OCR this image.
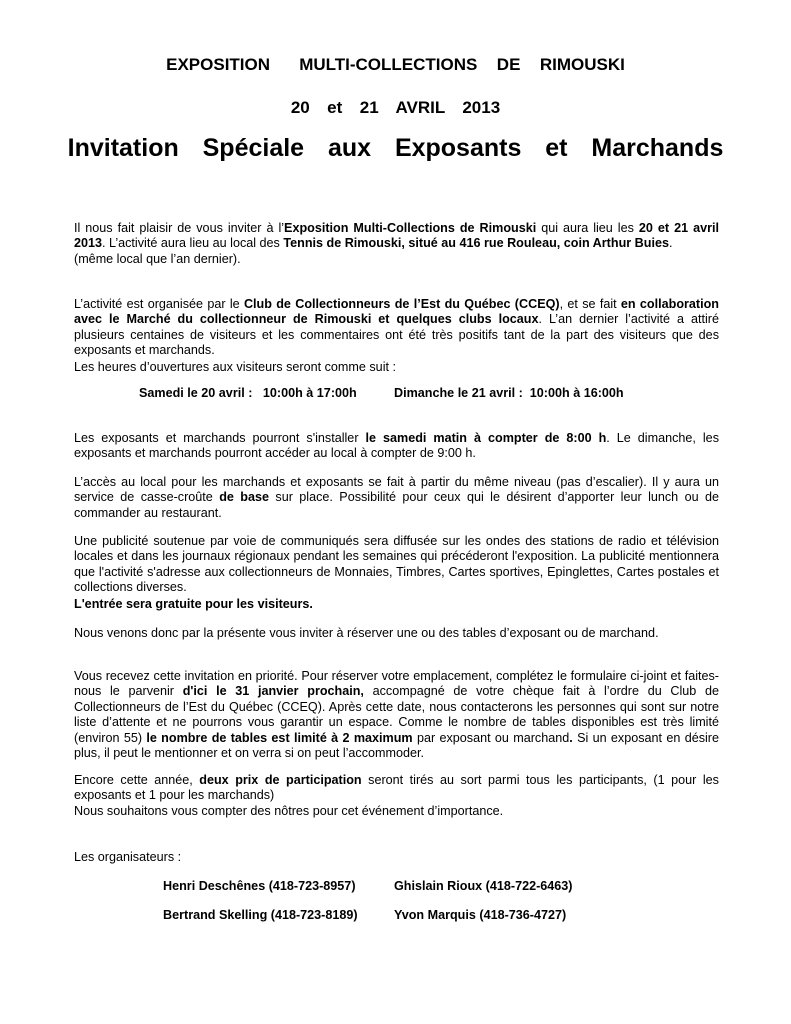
EXPOSITION   MULTI-COLLECTIONS  DE  RIMOUSKI
20  et  21  AVRIL  2013
Invitation  Spéciale  aux  Exposants  et  Marchands

Il nous fait plaisir de vous inviter à l’Exposition Multi-Collections de Rimouski qui aura lieu les 20 et 21 avril 2013. L’activité aura lieu au local des Tennis de Rimouski, situé au 416 rue Rouleau, coin Arthur Buies.
(même local que l’an dernier).

L’activité est organisée par le Club de Collectionneurs de l’Est du Québec (CCEQ), et se fait en collaboration avec le Marché du collectionneur de Rimouski et quelques clubs locaux. L’an dernier l’activité a attiré plusieurs centaines de visiteurs et les commentaires ont été très positifs tant de la part des visiteurs que des exposants et marchands.

Les heures d’ouvertures aux visiteurs seront comme suit :
Samedi le 20 avril :   10:00h à 17:00h	Dimanche le 21 avril :  10:00h à 16:00h

Les exposants et marchands pourront s'installer le samedi matin à compter de 8:00 h. Le dimanche, les exposants et marchands pourront accéder au local à compter de 9:00 h.

L’accès au local pour les marchands et exposants se fait à partir du même niveau (pas d’escalier). Il y aura un service de casse-croûte de base sur place. Possibilité pour ceux qui le désirent d’apporter leur lunch ou de commander au restaurant.

Une publicité soutenue par voie de communiqués sera diffusée sur les ondes des stations de radio et télévision locales et dans les journaux régionaux pendant les semaines qui précéderont l'exposition. La publicité mentionnera que l'activité s'adresse aux collectionneurs de Monnaies, Timbres, Cartes sportives, Epinglettes, Cartes postales et collections diverses.

L'entrée sera gratuite pour les visiteurs.
Nous venons donc par la présente vous inviter à réserver une ou des tables d’exposant ou de marchand.

Vous recevez cette invitation en priorité. Pour réserver votre emplacement, complétez le formulaire ci-joint et faites-nous le parvenir d'ici le 31 janvier prochain, accompagné de votre chèque fait à l’ordre du Club de Collectionneurs de l’Est du Québec (CCEQ). Après cette date, nous contacterons les personnes qui sont sur notre liste d’attente et ne pourrons vous garantir un espace. Comme le nombre de tables disponibles est très limité (environ 55) le nombre de tables est limité à 2 maximum par exposant ou marchand. Si un exposant en désire plus, il peut le mentionner et on verra si on peut l’accommoder.

Encore cette année, deux prix de participation seront tirés au sort parmi tous les participants, (1 pour les exposants et 1 pour les marchands)

Nous souhaitons vous compter des nôtres pour cet événement d’importance.
Les organisateurs :
Henri Deschênes (418-723-8957)	Ghislain Rioux (418-722-6463)
Bertrand Skelling (418-723-8189)	Yvon Marquis (418-736-4727)
